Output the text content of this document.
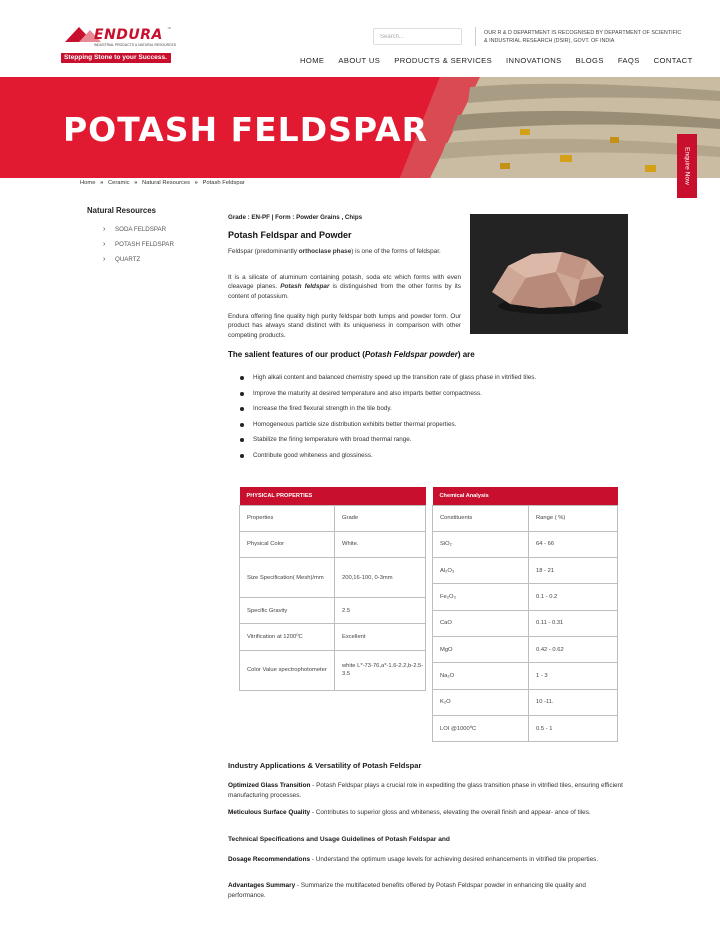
ENDURA ™
INDUSTRIAL PRODUCTS & NATURAL RESOURCES
Stepping Stone to your Success.
Search...
OUR R & D DEPARTMENT IS RECOGNISED BY DEPARTMENT OF SCIENTIFIC & INDUSTRIAL RESEARCH (DSIR), GOVT. OF INDIA
HOME ABOUT US PRODUCTS & SERVICES INNOVATIONS BLOGS FAQS CONTACT
POTASH FELDSPAR
Enquire Now
Home » Ceramic » Natural Resources » Potash Feldspar
Natural Resources
› SODA FELDSPAR
› POTASH FELDSPAR
› QUARTZ
Grade : EN-PF | Form : Powder Grains , Chips
Potash Feldspar and Powder

Feldspar (predominantly orthoclase phase) is one of the forms of feldspar.

It is a silicate of aluminum containing potash, soda etc which forms with even cleavage planes. Potash feldspar is distinguished from the other forms by its content of potassium.

Endura offering fine quality high purity feldspar both lumps and powder form. Our product has always stand distinct with its uniqueness in comparison with other competing products.

The salient features of our product (Potash Feldspar powder) are
High alkali content and balanced chemistry speed up the transition rate of glass phase in vitrified tiles.
Improve the maturity at desired temperature and also imparts better compactness.
Increase the fired flexural strength in the tile body.
Homogeneous particle size distribution exhibits better thermal properties.
Stabilize the firing temperature with broad thermal range.
Contribute good whiteness and glossiness.
PHYSICAL PROPERTIES	
Properties	Grade
Physical Color	White.
Size Specification( Mesh)/mm	200,16-100, 0-3mm
Specific Gravity	2.5
Vitrification at 1200⁰C	Excellent
Color Value spectrophotometer	white L*-73-76,a*-1.6-2.2,b-2.5-3.5
Chemical Analysis	
Constituents	Range ( %)
SiO₂	64 - 66
Al₂O₃	18 - 21
Fe₂O₃	0.1 - 0.2
CaO	0.11 - 0.31
MgO	0.42 - 0.62
Na₂O	1 - 3
K₂O	10 -11.
LOI @1000⁰C	0.5 - 1
Industry Applications & Versatility of Potash Feldspar

Optimized Glass Transition - Potash Feldspar plays a crucial role in expediting the glass transition phase in vitrified tiles, ensuring efficient manufacturing processes.

Meticulous Surface Quality - Contributes to superior gloss and whiteness, elevating the overall finish and appear- ance of tiles.

Technical Specifications and Usage Guidelines of Potash Feldspar and

Dosage Recommendations - Understand the optimum usage levels for achieving desired enhancements in vitrified tile properties.

Advantages Summary - Summarize the multifaceted benefits offered by Potash Feldspar powder in enhancing tile quality and performance.
